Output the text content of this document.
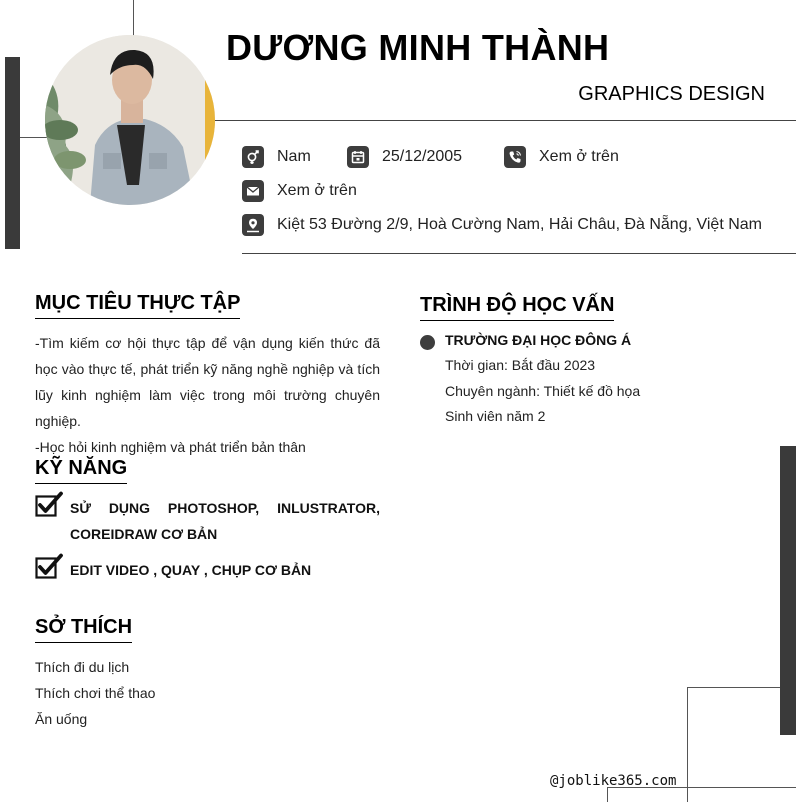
DƯƠNG MINH THÀNH
GRAPHICS DESIGN
Nam	25/12/2005	Xem ở trên
Xem ở trên
Kiệt 53 Đường 2/9, Hoà Cường Nam, Hải Châu, Đà Nẵng, Việt Nam
MỤC TIÊU THỰC TẬP

-Tìm kiếm cơ hội thực tập để vận dụng kiến thức đã học vào thực tế, phát triển kỹ năng nghề nghiệp và tích lũy kinh nghiệm làm việc trong môi trường chuyên nghiệp.

-Học hỏi kinh nghiệm và phát triển bản thân

KỸ NĂNG
SỬ DỤNG PHOTOSHOP, INLUSTRATOR, COREIDRAW CƠ BẢN
EDIT VIDEO , QUAY , CHỤP CƠ BẢN
SỞ THÍCH
Thích đi du lịch
Thích chơi thể thao
Ăn uống
TRÌNH ĐỘ HỌC VẤN
TRƯỜNG ĐẠI HỌC ĐÔNG Á
Thời gian: Bắt đầu 2023
Chuyên ngành: Thiết kế đồ họa
Sinh viên năm 2
@joblike365.com
